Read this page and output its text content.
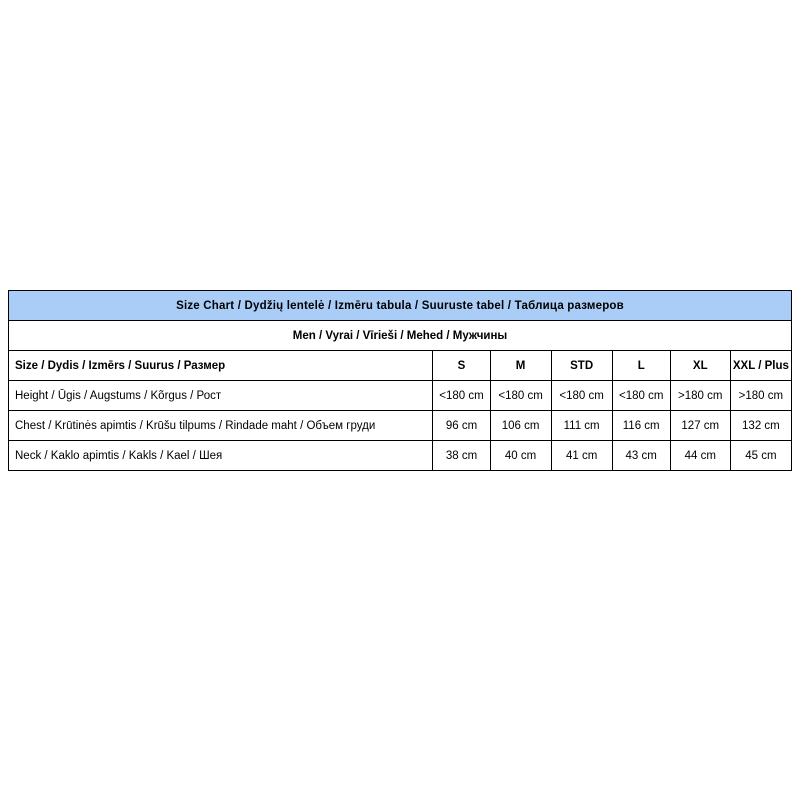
Size Chart / Dydžių lentelė / Izmēru tabula / Suuruste tabel / Таблица размеров						
Men / Vyrai / Vīrieši / Mehed / Мужчины						
Size / Dydis / Izmērs / Suurus / Размер	S	M	STD	L	XL	XXL / Plus
Height / Ūgis / Augstums / Kõrgus / Рост	<180 cm	<180 cm	<180 cm	<180 cm	>180 cm	>180 cm
Chest / Krūtinės apimtis / Krūšu tilpums / Rindade maht / Объем груди	96 cm	106 cm	111 cm	116 cm	127 cm	132 cm
Neck / Kaklo apimtis / Kakls / Kael / Шея	38 cm	40 cm	41 cm	43 cm	44 cm	45 cm
